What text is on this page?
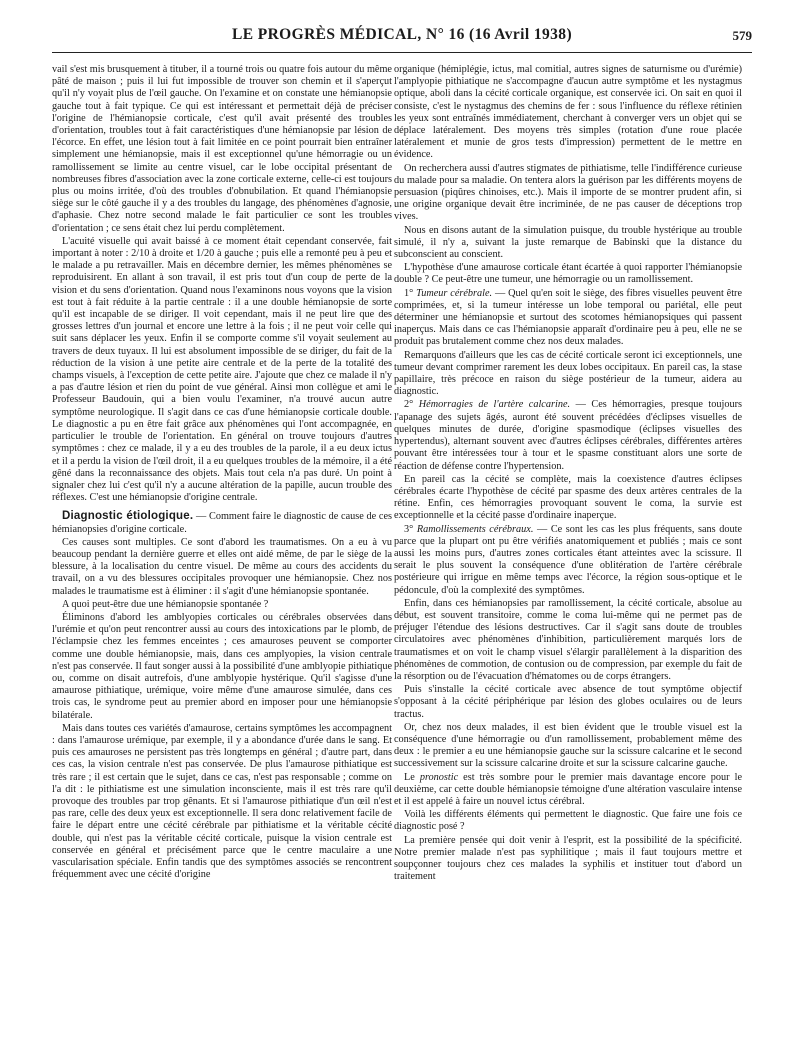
LE PROGRÈS MÉDICAL, N° 16 (16 Avril 1938)	579

vail s'est mis brusquement à tituber, il a tourné trois ou quatre fois autour du même pâté de maison ; puis il lui fut impossible de trouver son chemin et il s'aperçut qu'il n'y voyait plus de l'œil gauche. On l'examine et on constate une hémianopsie gauche tout à fait typique. Ce qui est intéressant et permettait déjà de préciser l'origine de l'hémianopsie corticale, c'est qu'il avait présenté des troubles d'orientation, troubles tout à fait caractéristiques d'une hémianopsie par lésion de l'écorce. En effet, une lésion tout à fait limitée en ce point pourrait bien entraîner simplement une hémianopsie, mais il est exceptionnel qu'une hémorragie ou un ramollissement se limite au centre visuel, car le lobe occipital présentant de nombreuses fibres d'association avec la zone corticale externe, celle-ci est toujours plus ou moins irritée, d'où des troubles d'obnubilation. Et quand l'hémianopsie siège sur le côté gauche il y a des troubles du langage, des phénomènes d'agnosie, d'aphasie. Chez notre second malade le fait particulier ce sont les troubles d'orientation ; ce sens était chez lui perdu complètement.

L'acuité visuelle qui avait baissé à ce moment était cependant conservée, fait important à noter : 2/10 à droite et 1/20 à gauche ; puis elle a remonté peu à peu et le malade a pu retravailler. Mais en décembre dernier, les mêmes phénomènes se reproduisirent. En allant à son travail, il est pris tout d'un coup de perte de la vision et du sens d'orientation. Quand nous l'examinons nous voyons que la vision est tout à fait réduite à la partie centrale : il a une double hémianopsie de sorte qu'il est incapable de se diriger. Il voit cependant, mais il ne peut lire que des grosses lettres d'un journal et encore une lettre à la fois ; il ne peut voir celle qui suit sans déplacer les yeux. Enfin il se comporte comme s'il voyait seulement au travers de deux tuyaux. Il lui est absolument impossible de se diriger, du fait de la réduction de la vision à une petite aire centrale et de la perte de la totalité des champs visuels, à l'exception de cette petite aire. J'ajoute que chez ce malade il n'y a pas d'autre lésion et rien du point de vue général. Ainsi mon collègue et ami le Professeur Baudouin, qui a bien voulu l'examiner, n'a trouvé aucun autre symptôme neurologique. Il s'agit dans ce cas d'une hémianopsie corticale double. Le diagnostic a pu en être fait grâce aux phénomènes qui l'ont accompagnée, en particulier le trouble de l'orientation. En général on trouve toujours d'autres symptômes : chez ce malade, il y a eu des troubles de la parole, il a eu deux ictus et il a perdu la vision de l'œil droit, il a eu quelques troubles de la mémoire, il a été gêné dans la reconnaissance des objets. Mais tout cela n'a pas duré. Un point à signaler chez lui c'est qu'il n'y a aucune altération de la papille, aucun trouble des réflexes. C'est une hémianopsie d'origine centrale.

Diagnostic étiologique. — Comment faire le diagnostic de cause de ces hémianopsies d'origine corticale.

Ces causes sont multiples. Ce sont d'abord les traumatismes. On a eu à vu beaucoup pendant la dernière guerre et elles ont aidé même, de par le siège de la blessure, à la localisation du centre visuel. De même au cours des accidents du travail, on a vu des blessures occipitales provoquer une hémianopsie. Chez nos malades le traumatisme est à éliminer : il s'agit d'une hémianopsie spontanée.

A quoi peut-être due une hémianopsie spontanée ?

Éliminons d'abord les amblyopies corticales ou cérébrales observées dans l'urémie et qu'on peut rencontrer aussi au cours des intoxications par le plomb, de l'éclampsie chez les femmes enceintes ; ces amauroses peuvent se comporter comme une double hémianopsie, mais, dans ces amplyopies, la vision centrale n'est pas conservée. Il faut songer aussi à la possibilité d'une amblyopie pithiatique ou, comme on disait autrefois, d'une amblyopie hystérique. Qu'il s'agisse d'une amaurose pithiatique, urémique, voire même d'une amaurose simulée, dans ces trois cas, le syndrome peut au premier abord en imposer pour une hémianopsie bilatérale.

Mais dans toutes ces variétés d'amaurose, certains symptômes les accompagnent : dans l'amaurose urémique, par exemple, il y a abondance d'urée dans le sang. Et puis ces amauroses ne persistent pas très longtemps en général ; d'autre part, dans ces cas, la vision centrale n'est pas conservée. De plus l'amaurose pithiatique est très rare ; il est certain que le sujet, dans ce cas, n'est pas responsable ; comme on l'a dit : le pithiatisme est une simulation inconsciente, mais il est très rare qu'il provoque des troubles par trop gênants. Et si l'amaurose pithiatique d'un œil n'est pas rare, celle des deux yeux est exceptionnelle. Il sera donc relativement facile de faire le départ entre une cécité cérébrale par pithiatisme et la véritable cécité double, qui n'est pas la véritable cécité corticale, puisque la vision centrale est conservée en général et précisément parce que le centre maculaire a une vascularisation spéciale. Enfin tandis que des symptômes associés se rencontrent fréquemment avec une cécité d'origine

organique (hémiplégie, ictus, mal comitial, autres signes de saturnisme ou d'urémie) l'amplyopie pithiatique ne s'accompagne d'aucun autre symptôme et les nystagmus optique, aboli dans la cécité corticale organique, est conservée ici. On sait en quoi il consiste, c'est le nystagmus des chemins de fer : sous l'influence du réflexe rétinien les yeux sont entraînés immédiatement, cherchant à converger vers un objet qui se déplace latéralement. Des moyens très simples (rotation d'une roue placée latéralement et munie de gros tests d'impression) permettent de le mettre en évidence.

On recherchera aussi d'autres stigmates de pithiatisme, telle l'indifférence curieuse du malade pour sa maladie. On tentera alors la guérison par les différents moyens de persuasion (piqûres chinoises, etc.). Mais il importe de se montrer prudent afin, si une origine organique devait être incriminée, de ne pas causer de déceptions trop vives.

Nous en disons autant de la simulation puisque, du trouble hystérique au trouble simulé, il n'y a, suivant la juste remarque de Babinski que la distance du subconscient au conscient.

L'hypothèse d'une amaurose corticale étant écartée à quoi rapporter l'hémianopsie double ? Ce peut-être une tumeur, une hémorragie ou un ramollissement.

1° Tumeur cérébrale. — Quel qu'en soit le siège, des fibres visuelles peuvent être comprimées, et, si la tumeur intéresse un lobe temporal ou pariétal, elle peut déterminer une hémianopsie et surtout des scotomes hémianopsiques qui passent inaperçus. Mais dans ce cas l'hémianopsie apparaît d'ordinaire peu à peu, elle ne se produit pas brutalement comme chez nos deux malades.

Remarquons d'ailleurs que les cas de cécité corticale seront ici exceptionnels, une tumeur devant comprimer rarement les deux lobes occipitaux. En pareil cas, la stase papillaire, très précoce en raison du siège postérieur de la tumeur, aidera au diagnostic.

2° Hémorragies de l'artère calcarine. — Ces hémorragies, presque toujours l'apanage des sujets âgés, auront été souvent précédées d'éclipses visuelles de quelques minutes de durée, d'origine spasmodique (éclipses visuelles des hypertendus), alternant souvent avec d'autres éclipses cérébrales, différentes artères pouvant être intéressées tour à tour et le spasme constituant alors une sorte de réaction de défense contre l'hypertension.

En pareil cas la cécité se complète, mais la coexistence d'autres éclipses cérébrales écarte l'hypothèse de cécité par spasme des deux artères centrales de la rétine. Enfin, ces hémorragies provoquant souvent le coma, la survie est exceptionnelle et la cécité passe d'ordinaire inaperçue.

3° Ramollissements cérébraux. — Ce sont les cas les plus fréquents, sans doute parce que la plupart ont pu être vérifiés anatomiquement et publiés ; mais ce sont aussi les moins purs, d'autres zones corticales étant atteintes avec la scissure. Il serait le plus souvent la conséquence d'une oblitération de l'artère cérébrale postérieure qui irrigue en même temps avec l'écorce, la région sous-optique et le pédoncule, d'où la complexité des symptômes.

Enfin, dans ces hémianopsies par ramollissement, la cécité corticale, absolue au début, est souvent transitoire, comme le coma lui-même qui ne permet pas de préjuger l'étendue des lésions destructives. Car il s'agit sans doute de troubles circulatoires avec phénomènes d'inhibition, particulièrement marqués lors de traumatismes et on voit le champ visuel s'élargir parallèlement à la disparition des phénomènes de commotion, de contusion ou de compression, par exemple du fait de la résorption ou de l'évacuation d'hématomes ou de corps étrangers.

Puis s'installe la cécité corticale avec absence de tout symptôme objectif s'opposant à la cécité périphérique par lésion des globes oculaires ou de leurs tractus.

Or, chez nos deux malades, il est bien évident que le trouble visuel est la conséquence d'une hémorragie ou d'un ramollissement, probablement même des deux : le premier a eu une hémianopsie gauche sur la scissure calcarine et le second successivement sur la scissure calcarine droite et sur la scissure calcarine gauche.

Le pronostic est très sombre pour le premier mais davantage encore pour le deuxième, car cette double hémianopsie témoigne d'une altération vasculaire intense et il est appelé à faire un nouvel ictus cérébral.

Voilà les différents éléments qui permettent le diagnostic. Que faire une fois ce diagnostic posé ?

La première pensée qui doit venir à l'esprit, est la possibilité de la spécificité. Notre premier malade n'est pas syphilitique ; mais il faut toujours mettre et soupçonner toujours chez ces malades la syphilis et instituer tout d'abord un traitement
